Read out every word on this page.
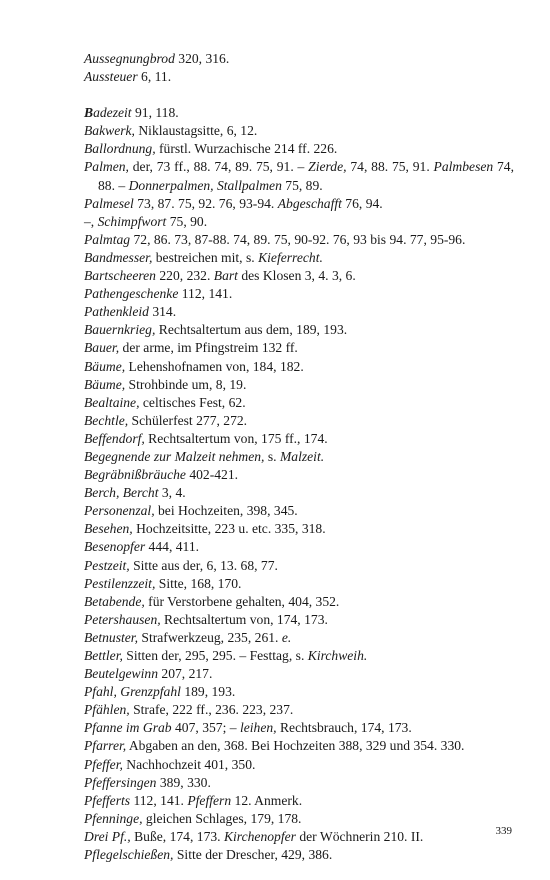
Aussegnungbrod 320, 316.
Aussteuer 6, 11.
Badezeit 91, 118.
Bakwerk, Niklaustagsitte, 6, 12.
Ballordnung, fürstl. Wurzachische 214 ff. 226.
Palmen, der, 73 ff., 88. 74, 89. 75, 91. – Zierde, 74, 88. 75, 91. Palmbesen 74, 88. – Donnerpalmen, Stallpalmen 75, 89.
Palmesel 73, 87. 75, 92. 76, 93-94. Abgeschafft 76, 94.
–, Schimpfwort 75, 90.
Palmtag 72, 86. 73, 87-88. 74, 89. 75, 90-92. 76, 93 bis 94. 77, 95-96.
Bandmesser, bestreichen mit, s. Kieferrecht.
Bartscheeren 220, 232. Bart des Klosen 3, 4. 3, 6.
Pathengeschenke 112, 141.
Pathenkleid 314.
Bauernkrieg, Rechtsaltertum aus dem, 189, 193.
Bauer, der arme, im Pfingstreim 132 ff.
Bäume, Lehenshofnamen von, 184, 182.
Bäume, Strohbinde um, 8, 19.
Bealtaine, celtisches Fest, 62.
Bechtle, Schülerfest 277, 272.
Beffendorf, Rechtsaltertum von, 175 ff., 174.
Begegnende zur Malzeit nehmen, s. Malzeit.
Begräbnißbräuche 402-421.
Berch, Bercht 3, 4.
Personenzal, bei Hochzeiten, 398, 345.
Besehen, Hochzeitsitte, 223 u. etc. 335, 318.
Besenopfer 444, 411.
Pestzeit, Sitte aus der, 6, 13. 68, 77.
Pestilenzzeit, Sitte, 168, 170.
Betabende, für Verstorbene gehalten, 404, 352.
Petershausen, Rechtsaltertum von, 174, 173.
Betnuster, Strafwerkzeug, 235, 261. e.
Bettler, Sitten der, 295, 295. – Festtag, s. Kirchweih.
Beutelgewinn 207, 217.
Pfahl, Grenzpfahl 189, 193.
Pfählen, Strafe, 222 ff., 236. 223, 237.
Pfanne im Grab 407, 357; – leihen, Rechtsbrauch, 174, 173.
Pfarrer, Abgaben an den, 368. Bei Hochzeiten 388, 329 und 354. 330.
Pfeffer, Nachhochzeit 401, 350.
Pfeffersingen 389, 330.
Pfefferts 112, 141. Pfeffern 12. Anmerk.
Pfenninge, gleichen Schlages, 179, 178.
Drei Pf., Buße, 174, 173. Kirchenopfer der Wöchnerin 210. II.
Pflegelschießen, Sitte der Drescher, 429, 386.
339
